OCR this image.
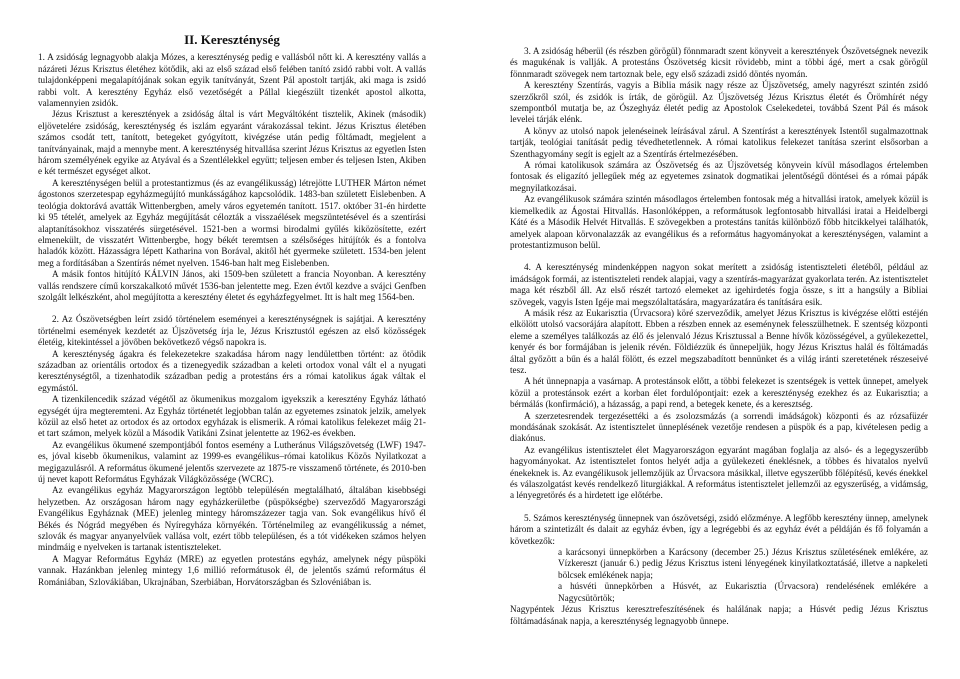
II. Kereszténység

1. A zsidóság legnagyobb alakja Mózes, a kereszténység pedig e vallásból nőtt ki. A keresztény vallás a názáreti Jézus Krisztus életéhez kötődik, aki az első század első felében tanító zsidó rabbi volt. A vallás tulajdonképpeni megalapítójának sokan egyik tanítványát, Szent Pál apostolt tartják, aki maga is zsidó rabbi volt. A keresztény Egyház első vezetőségét a Pállal kiegészült tizenkét apostol alkotta, valamennyien zsidók.

Jézus Krisztust a keresztények a zsidóság által is várt Megváltóként tisztelik, Akinek (második) eljövetelére zsidóság, kereszténység és iszlám egyaránt várakozással tekint. Jézus Krisztus életében számos csodát tett, tanított, betegeket gyógyított, kivégzése után pedig föltámadt, megjelent a tanítványainak, majd a mennybe ment. A kereszténység hitvallása szerint Jézus Krisztus az egyetlen Isten három személyének egyike az Atyával és a Szentlélekkel együtt; teljesen ember és teljesen Isten, Akiben e két természet egységet alkot.

A kereszténységen belül a protestantizmus (és az evangélikusság) létrejötte LUTHER Márton német ágostonos szerzetespap egyházmegújító munkásságához kapcsolódik. 1483-ban született Eislebenben. A teológia doktorává avatták Wittenbergben, amely város egyetemén tanított. 1517. október 31-én hirdette ki 95 tételét, amelyek az Egyház megújítását célozták a visszaélések megszüntetésével és a szentírási alaptanításokhoz visszatérés sürgetésével. 1521-ben a wormsi birodalmi gyűlés kiközösítette, ezért elmenekült, de visszatért Wittenbergbe, hogy békét teremtsen a szélsőséges hitújítók és a fontolva haladók között. Házasságra lépett Katharina von Borával, akitől hét gyermeke született. 1534-ben jelent meg a fordításában a Szentírás német nyelven. 1546-ban halt meg Eislebenben.

A másik fontos hitújító KÁLVIN János, aki 1509-ben született a francia Noyonban. A keresztény vallás rendszere című korszakalkotó művét 1536-ban jelentette meg. Ezen évtől kezdve a svájci Genfben szolgált lelkészként, ahol megújította a keresztény életet és egyházfegyelmet. Itt is halt meg 1564-ben.

2. Az Ószövetségben leírt zsidó történelem eseményei a kereszténységnek is sajátjai. A keresztény történelmi események kezdetét az Újszövetség írja le, Jézus Krisztustól egészen az első közösségek életéig, kitekintéssel a jövőben bekövetkező végső napokra is.

A kereszténység ágakra és felekezetekre szakadása három nagy lendülettben történt: az ötödik században az orientális ortodox és a tizenegyedik században a keleti ortodox vonal vált el a nyugati kereszténységtől, a tizenhatodik században pedig a protestáns érs a római katolikus ágak váltak el egymástól.

A tizenkilencedik század végétől az ökumenikus mozgalom igyekszik a keresztény Egyház látható egységét újra megteremteni. Az Egyház történetét legjobban talán az egyetemes zsinatok jelzik, amelyek közül az első hetet az ortodox és az ortodox egyházak is elismerik. A római katolikus felekezet máig 21-et tart számon, melyek közül a Második Vatikáni Zsinat jelentette az 1962-es években.

Az evangélikus ökumené szempontjából fontos esemény a Lutheránus Világszövetség (LWF) 1947-es, jóval kisebb ökumenikus, valamint az 1999-es evangélikus–római katolikus Közös Nyilatkozat a megigazulásról. A református ökumené jelentős szervezete az 1875-re visszamenő története, és 2010-ben új nevet kapott Református Egyházak Világközössége (WCRC).

Az evangélikus egyház Magyarországon legtöbb településén megtalálható, általában kisebbségi helyzetben. Az országosan három nagy egyházkerületbe (püspökségbe) szerveződő Magyarországi Evangélikus Egyháznak (MEE) jelenleg mintegy háromszázezer tagja van. Sok evangélikus hívő él Békés és Nógrád megyében és Nyíregyháza környékén. Történelmileg az evangélikusság a német, szlovák és magyar anyanyelvűek vallása volt, ezért több településen, és a tót vidékeken számos helyen mindmáig e nyelveken is tartanak istentiszteleket.

A Magyar Református Egyház (MRE) az egyetlen protestáns egyház, amelynek négy püspöki vannak. Hazánkban jelenleg mintegy 1,6 millió reformátusok él, de jelentős számú református él Romániában, Szlovákiában, Ukrajnában, Szerbiában, Horvátországban és Szlovéniában is.

3. A zsidóság héberül (és részben görögül) fönnmaradt szent könyveit a keresztények Ószövetségnek nevezik és magukénak is vallják. A protestáns Ószövetség kicsit rövidebb, mint a többi ágé, mert a csak görögül fönnmaradt szövegek nem tartoznak bele, egy első századi zsidó döntés nyomán.

A keresztény Szentírás, vagyis a Biblia másik nagy része az Újszövetség, amely nagyrészt szintén zsidó szerzőkről szól, és zsidók is írták, de görögül. Az Újszövetség Jézus Krisztus életét és Örömhírét négy szempontból mutatja be, az Ószeghyáz életét pedig az Apostolok Cselekedetei, továbbá Szent Pál és mások levelei tárják elénk.

A könyv az utolsó napok jelenéseinek leírásával zárul. A Szentírást a keresztények Istentől sugalmazottnak tartják, teológiai tanítását pedig tévedhetetlennek. A római katolikus felekezet tanítása szerint elsősorban a Szenthagyomány segít is egjelt az a Szentírás értelmezésében.

A római katolikusok számára az Ószövetség és az Újszövetség könyvein kívül másodlagos értelemben fontosak és eligazító jellegűek még az egyetemes zsinatok dogmatikai jelentőségű döntései és a római pápák megnyilatkozásai.

Az evangélikusok számára szintén másodlagos értelemben fontosak még a hitvallási iratok, amelyek közül is kiemelkedik az Ágostai Hitvallás. Hasonlóképpen, a reformátusok legfontosabb hitvallási iratai a Heidelbergi Káté és a Második Helvét Hitvallás. E szövegekben a protestáns tanítás különböző főbb hitcikkelyei találhatók, amelyek alapoan körvonalazzák az evangélikus és a református hagyományokat a kereszténységen, valamint a protestantizmuson belül.

4. A kereszténység mindenképpen nagyon sokat merített a zsidóság istentiszteleti életéből, például az imádságok formái, az istentiszteleti rendek alapjai, vagy a szentírás-magyarázat gyakorlata terén. Az istentisztelet maga két részből áll. Az első részét tartozó elemeket az igehirdetés fogja össze, s itt a hangsúly a Bibliai szövegek, vagyis Isten Igéje mai megszólaltatására, magyarázatára és tanítására esik.

A másik rész az Eukarisztia (Úrvacsora) köré szerveződik, amelyet Jézus Krisztus is kivégzése előtti estéjén elkölött utolsó vacsorájára alapított. Ebben a részben ennek az eseménynek felesszülhetnek. E szentség központi eleme a személyes találkozás az élő és jelenvaló Jézus Krisztussal a Benne hívők közösségével, a gyülekezettel, kenyér és bor formájában is jelenik révén. Földiézzük és ünnepeljük, hogy Jézus Krisztus halál és föltámadás által győzött a bűn és a halál fölött, és ezzel megszabadított bennünket és a világ iránti szeretetének részeseivé tesz.

A hét ünnepnapja a vasárnap. A protestánsok előtt, a többi felekezet is szentségek is vettek ünnepet, amelyek közül a protestánsok ezért a korban élet fordulópontjait: ezek a kereszténység ezekhez és az Eukarisztia; a bérmálás (konfirmáció), a házasság, a papi rend, a betegek kenete, és a keresztség.

A szerzetesrendek tergezésettéki a és zsolozsmázás (a sorrendi imádságok) központi és az rózsafüzér mondásának szokását. Az istentisztelet ünneplésének vezetője rendesen a püspök és a pap, kivételesen pedig a diakónus.

Az evangélikus istentisztelet élet Magyarországon egyaránt magában foglalja az alsó- és a legegyszerűbb hagyományokat. Az istentisztelet fontos helyét adja a gyülekezeti éneklésnek, a többes és hivatalos nyelvű énekeknek is. Az evangélikusok jellemzőjük az Úrvacsora másikkal, illetve egyszerűbb főlépítésű, kevés énekkel és válaszolgatást kevés rendelkező liturgiákkal. A református istentisztelet jellemzői az egyszerűség, a vidámság, a lényegretörés és a hirdetett ige előtérbe.

5. Számos kereszténység ünnepnek van ószövetségi, zsidó előzménye. A legfőbb keresztény ünnep, amelynek három a szintetizált és dalait az egyház évben, így a legrégebbi és az egyház évét a példáján és fő folyamán a következők:

a karácsonyi ünnepkörben a Karácsony (december 25.) Jézus Krisztus születésének emlékére, az Vízkereszt (január 6.) pedig Jézus Krisztus isteni lényegének kinyilatkoztatásáé, illetve a napkeleti bölcsek emlékének napja;

a húsvéti ünnepkörben a Húsvét, az Eukarisztia (Úrvacsora) rendelésének emlékére a Nagycsütörtök;

Nagypéntek Jézus Krisztus keresztrefeszítésének és halálának napja; a Húsvét pedig Jézus Krisztus föltámadásának napja, a kereszténység legnagyobb ünnepe.
